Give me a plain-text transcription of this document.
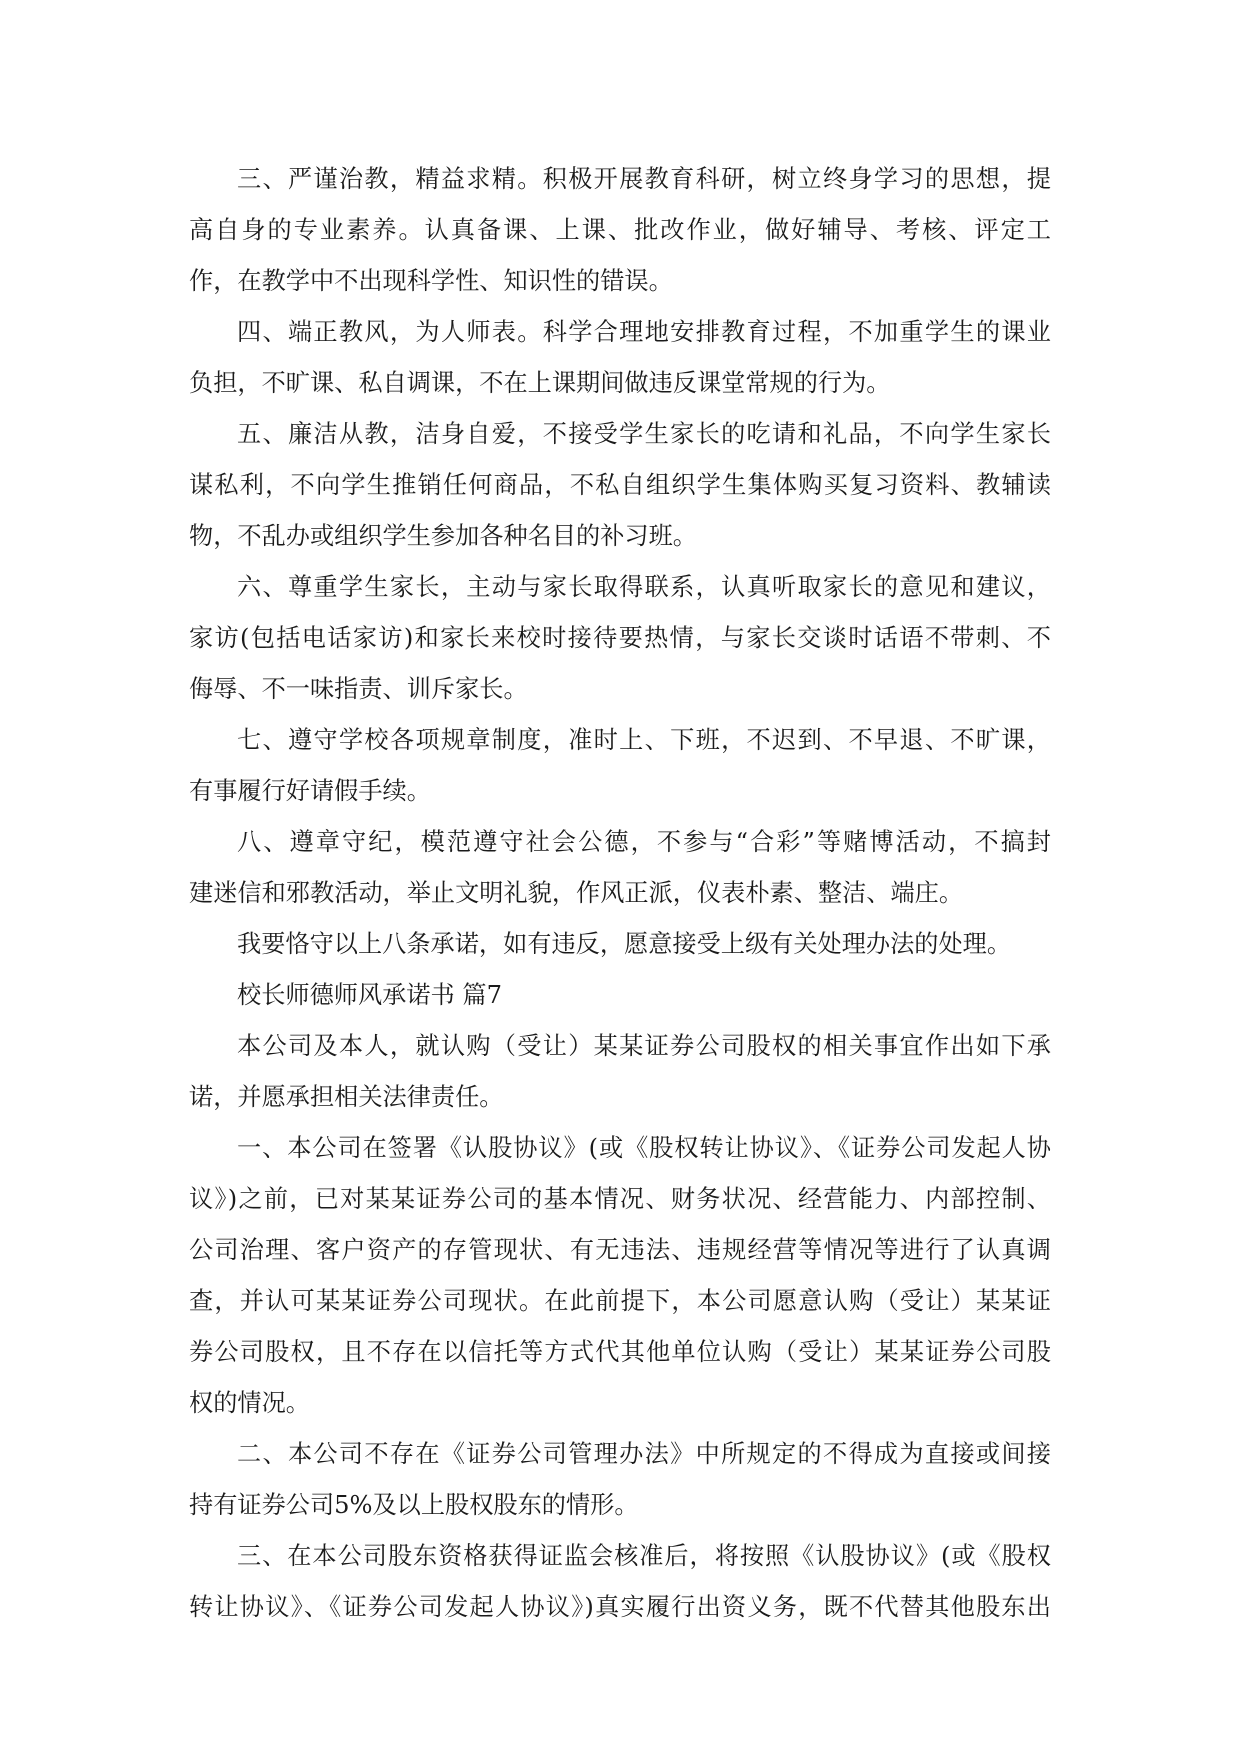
三、严谨治教，精益求精。积极开展教育科研，树立终身学习的思想，提
高自身的专业素养。认真备课、上课、批改作业，做好辅导、考核、评定工
作，在教学中不出现科学性、知识性的错误。
四、端正教风，为人师表。科学合理地安排教育过程，不加重学生的课业
负担，不旷课、私自调课，不在上课期间做违反课堂常规的行为。
五、廉洁从教，洁身自爱，不接受学生家长的吃请和礼品，不向学生家长
谋私利，不向学生推销任何商品，不私自组织学生集体购买复习资料、教辅读
物，不乱办或组织学生参加各种名目的补习班。
六、尊重学生家长，主动与家长取得联系，认真听取家长的意见和建议，
家访(包括电话家访)和家长来校时接待要热情，与家长交谈时话语不带刺、不
侮辱、不一味指责、训斥家长。
七、遵守学校各项规章制度，准时上、下班，不迟到、不早退、不旷课，
有事履行好请假手续。
八、遵章守纪，模范遵守社会公德，不参与“合彩”等赌博活动，不搞封
建迷信和邪教活动，举止文明礼貌，作风正派，仪表朴素、整洁、端庄。
我要恪守以上八条承诺，如有违反，愿意接受上级有关处理办法的处理。
校长师德师风承诺书 篇7
本公司及本人，就认购（受让）某某证券公司股权的相关事宜作出如下承
诺，并愿承担相关法律责任。
一、本公司在签署《认股协议》(或《股权转让协议》、《证券公司发起人协
议》)之前，已对某某证券公司的基本情况、财务状况、经营能力、内部控制、
公司治理、客户资产的存管现状、有无违法、违规经营等情况等进行了认真调
查，并认可某某证券公司现状。在此前提下，本公司愿意认购（受让）某某证
券公司股权，且不存在以信托等方式代其他单位认购（受让）某某证券公司股
权的情况。
二、本公司不存在《证券公司管理办法》中所规定的不得成为直接或间接
持有证券公司5%及以上股权股东的情形。
三、在本公司股东资格获得证监会核准后，将按照《认股协议》(或《股权
转让协议》、《证券公司发起人协议》)真实履行出资义务，既不代替其他股东出
